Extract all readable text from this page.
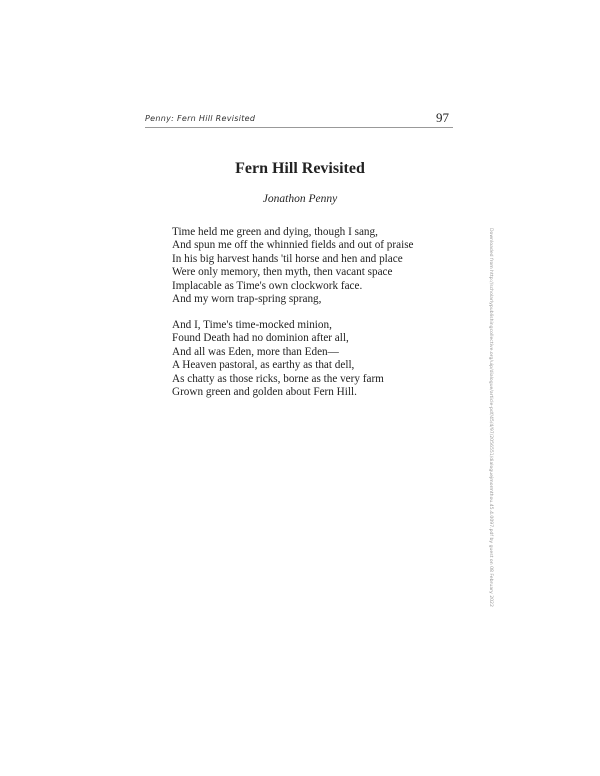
Penny: Fern Hill Revisited	97
Fern Hill Revisited
Jonathon Penny
Time held me green and dying, though I sang,
And spun me off the whinnied fields and out of praise
In his big harvest hands 'til horse and hen and place
Were only memory, then myth, then vacant space
Implacable as Time's own clockwork face.
And my worn trap-spring sprang,
And I, Time's time-mocked minion,
Found Death had no dominion after all,
And all was Eden, more than Eden—
A Heaven pastoral, as earthy as that dell,
As chatty as those ricks, borne as the very farm
Grown green and golden about Fern Hill.	Downloaded from http://scholarlypublishingcollective.org/uip/dialogue/article-pdf/45/4/97/2056551/dialoguejmormthou.45.4.0097.pdf by guest on 08 February 2022
